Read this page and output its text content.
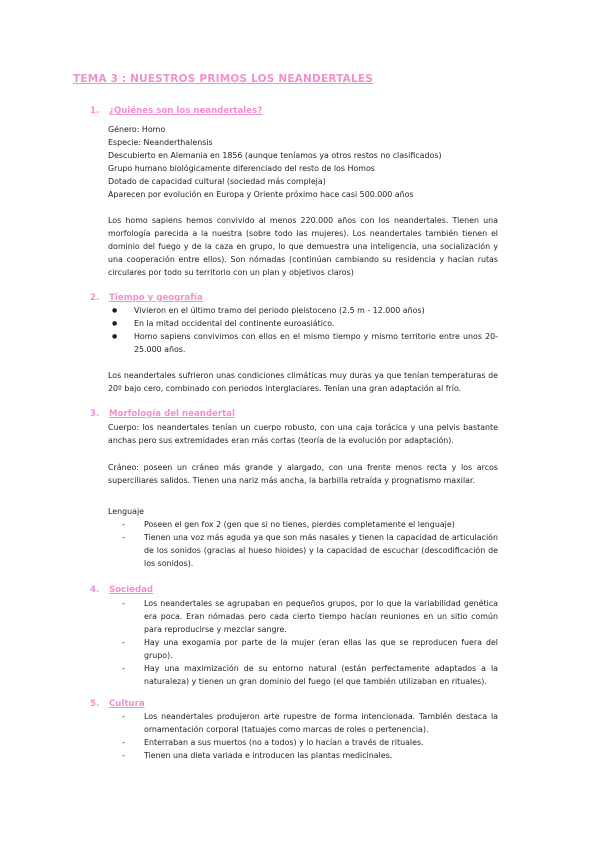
TEMA 3 : NUESTROS PRIMOS LOS NEANDERTALES
1. ¿Quiénes son los neandertales?
Género: Homo
Especie: Neanderthalensis
Descubierto en Alemania en 1856 (aunque teníamos ya otros restos no clasificados)
Grupo humano biológicamente diferenciado del resto de los Homos
Dotado de capacidad cultural (sociedad más compleja)
Aparecen por evolución en Europa y Oriente próximo hace casi 500.000 años
Los homo sapiens hemos convivido al menos 220.000 años con los neandertales. Tienen una morfología parecida a la nuestra (sobre todo las mujeres). Los neandertales también tienen el dominio del fuego y de la caza en grupo, lo que demuestra una inteligencia, una socialización y una cooperación entre ellos). Son nómadas (continúan cambiando su residencia y hacían rutas circulares por todo su territorio con un plan y objetivos claros)
2. Tiempo y geografía
● Vivieron en el último tramo del periodo pleistoceno (2.5 m - 12.000 años)
● En la mitad occidental del continente euroasiático.
● Homo sapiens convivimos con ellos en el mismo tiempo y mismo territorio entre unos 20-25.000 años.
Los neandertales sufrieron unas condiciones climáticas muy duras ya que tenían temperaturas de 20º bajo cero, combinado con periodos interglaciares. Tenían una gran adaptación al frío.
3. Morfología del neandertal
Cuerpo: los neandertales tenían un cuerpo robusto, con una caja torácica y una pelvis bastante anchas pero sus extremidades eran más cortas (teoría de la evolución por adaptación).
Cráneo: poseen un cráneo más grande y alargado, con una frente menos recta y los arcos superciliares salidos. Tienen una nariz más ancha, la barbilla retraída y prognatismo maxilar.
Lenguaje
- Poseen el gen fox 2 (gen que si no tienes, pierdes completamente el lenguaje)
- Tienen una voz más aguda ya que son más nasales y tienen la capacidad de articulación de los sonidos (gracias al hueso hioides) y la capacidad de escuchar (descodificación de los sonidos).
4. Sociedad
- Los neandertales se agrupaban en pequeños grupos, por lo que la variabilidad genética era poca. Eran nómadas pero cada cierto tiempo hacían reuniones en un sitio común para reproducirse y mezclar sangre.
- Hay una exogamia por parte de la mujer (eran ellas las que se reproducen fuera del grupo).
- Hay una maximización de su entorno natural (están perfectamente adaptados a la naturaleza) y tienen un gran dominio del fuego (el que también utilizaban en rituales).
5. Cultura
- Los neandertales produjeron arte rupestre de forma intencionada. También destaca la ornamentación corporal (tatuajes como marcas de roles o pertenencia).
- Enterraban a sus muertos (no a todos) y lo hacían a través de rituales.
- Tienen una dieta variada e introducen las plantas medicinales.
